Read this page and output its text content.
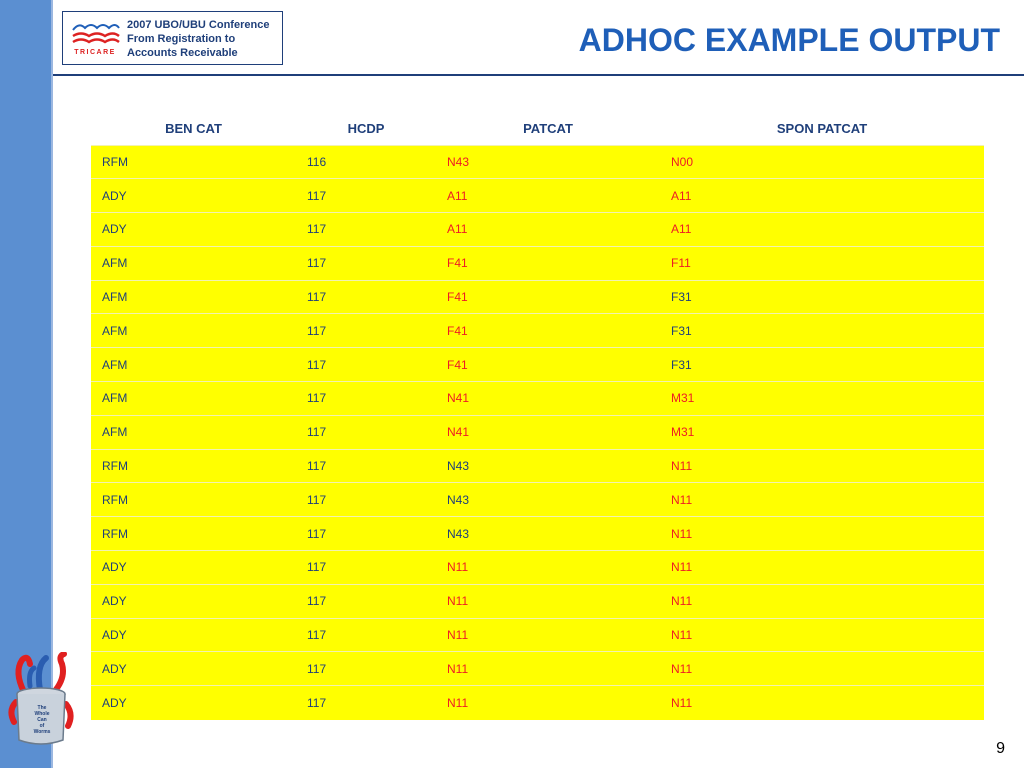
TRICARE
2007 UBO/UBU Conference
From Registration to
Accounts Receivable	ADHOC EXAMPLE OUTPUT
BEN CAT	HCDP	PATCAT	SPON PATCAT
RFM	116	N43	N00
ADY	117	A11	A11
ADY	117	A11	A11
AFM	117	F41	F11
AFM	117	F41	F31
AFM	117	F41	F31
AFM	117	F41	F31
AFM	117	N41	M31
AFM	117	N41	M31
RFM	117	N43	N11
RFM	117	N43	N11
RFM	117	N43	N11
ADY	117	N11	N11
ADY	117	N11	N11
ADY	117	N11	N11
ADY	117	N11	N11
ADY	117	N11	N11
The
Whole
Can
of
Worms
9
